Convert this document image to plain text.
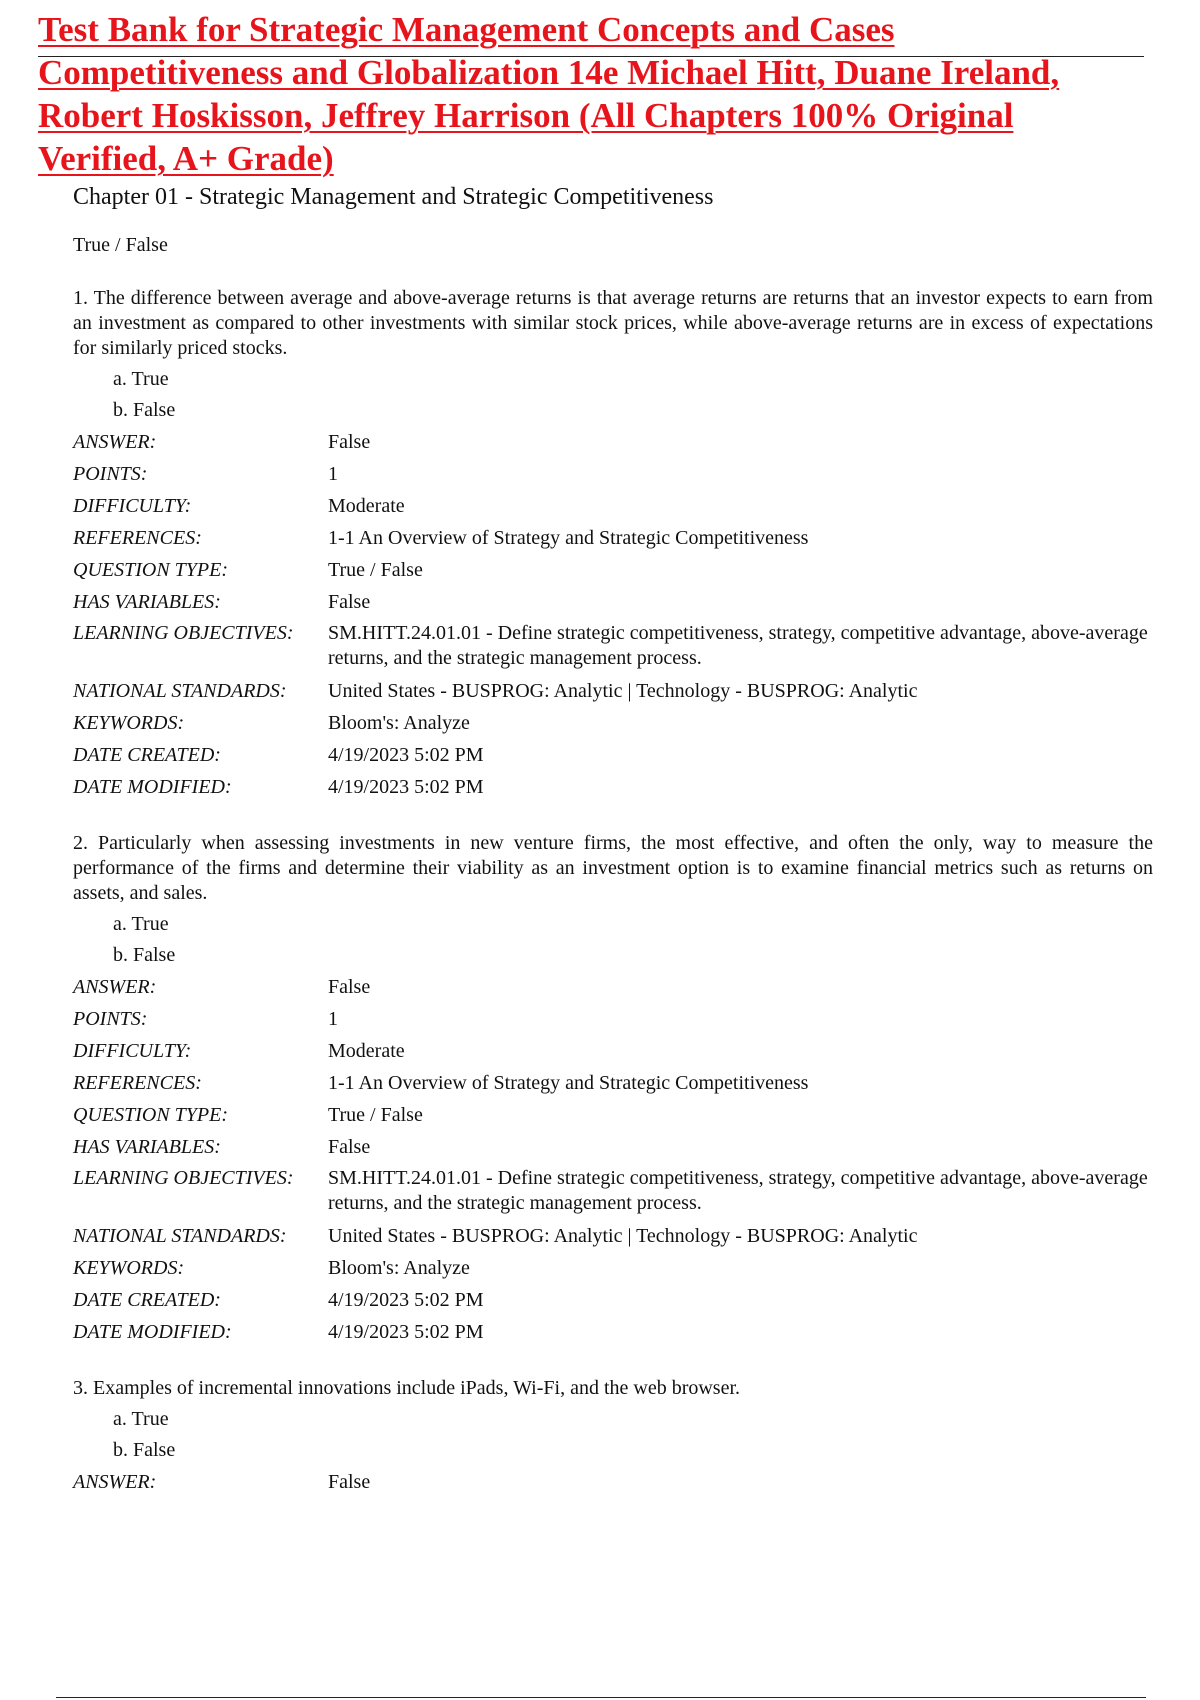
Test Bank for Strategic Management Concepts and Cases
Competitiveness and Globalization 14e Michael Hitt, Duane Ireland,
Robert Hoskisson, Jeffrey Harrison (All Chapters 100% Original
Verified, A+ Grade)

Chapter 01 - Strategic Management and Strategic Competitiveness

True / False

1. The difference between average and above-average returns is that average returns are returns that an investor expects to earn from an investment as compared to other investments with similar stock prices, while above-average returns are in excess of expectations for similarly priced stocks.

a. True
b. False
ANSWER:	False
POINTS:	1
DIFFICULTY:	Moderate
REFERENCES:	1-1 An Overview of Strategy and Strategic Competitiveness
QUESTION TYPE:	True / False
HAS VARIABLES:	False
LEARNING OBJECTIVES:	SM.HITT.24.01.01 - Define strategic competitiveness, strategy, competitive advantage, above-average returns, and the strategic management process.
NATIONAL STANDARDS:	United States - BUSPROG: Analytic | Technology - BUSPROG: Analytic
KEYWORDS:	Bloom's: Analyze
DATE CREATED:	4/19/2023 5:02 PM
DATE MODIFIED:	4/19/2023 5:02 PM

2. Particularly when assessing investments in new venture firms, the most effective, and often the only, way to measure the performance of the firms and determine their viability as an investment option is to examine financial metrics such as returns on assets, and sales.

a. True
b. False
ANSWER:	False
POINTS:	1
DIFFICULTY:	Moderate
REFERENCES:	1-1 An Overview of Strategy and Strategic Competitiveness
QUESTION TYPE:	True / False
HAS VARIABLES:	False
LEARNING OBJECTIVES:	SM.HITT.24.01.01 - Define strategic competitiveness, strategy, competitive advantage, above-average returns, and the strategic management process.
NATIONAL STANDARDS:	United States - BUSPROG: Analytic | Technology - BUSPROG: Analytic
KEYWORDS:	Bloom's: Analyze
DATE CREATED:	4/19/2023 5:02 PM
DATE MODIFIED:	4/19/2023 5:02 PM

3. Examples of incremental innovations include iPads, Wi-Fi, and the web browser.

a. True
b. False
ANSWER:	False
